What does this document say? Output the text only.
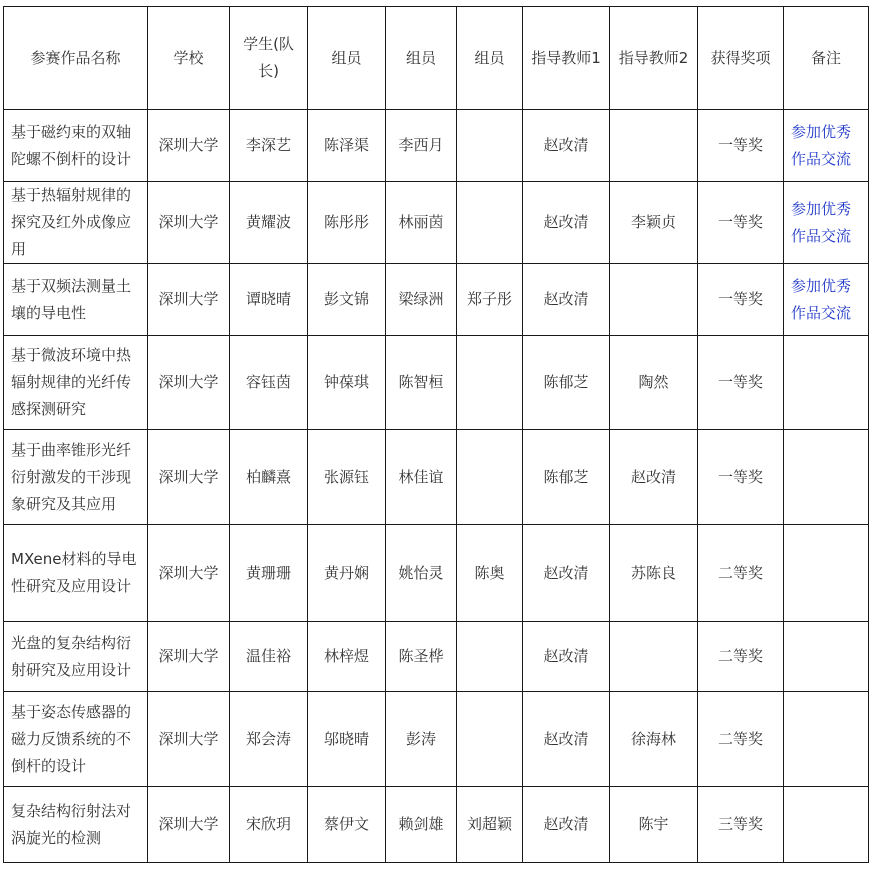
参赛作品名称	学校	学生(队长)	组员	组员	组员	指导教师1	指导教师2	获得奖项	备注
基于磁约束的双轴陀螺不倒杆的设计	深圳大学	李深艺	陈泽渠	李西月		赵改清		一等奖	参加优秀作品交流
基于热辐射规律的探究及红外成像应用	深圳大学	黄耀波	陈彤彤	林丽茵		赵改清	李颖贞	一等奖	参加优秀作品交流
基于双频法测量土壤的导电性	深圳大学	谭晓晴	彭文锦	梁绿洲	郑子彤	赵改清		一等奖	参加优秀作品交流
基于微波环境中热辐射规律的光纤传感探测研究	深圳大学	容钰茵	钟葆琪	陈智桓		陈郁芝	陶然	一等奖	
基于曲率锥形光纤衍射激发的干涉现象研究及其应用	深圳大学	柏麟熹	张源钰	林佳谊		陈郁芝	赵改清	一等奖	
MXene材料的导电性研究及应用设计	深圳大学	黄珊珊	黄丹娴	姚怡灵	陈奥	赵改清	苏陈良	二等奖	
光盘的复杂结构衍射研究及应用设计	深圳大学	温佳裕	林梓煜	陈圣桦		赵改清		二等奖	
基于姿态传感器的磁力反馈系统的不倒杆的设计	深圳大学	郑会涛	邬晓晴	彭涛		赵改清	徐海林	二等奖	
复杂结构衍射法对涡旋光的检测	深圳大学	宋欣玥	蔡伊文	赖剑雄	刘超颖	赵改清	陈宇	三等奖	
